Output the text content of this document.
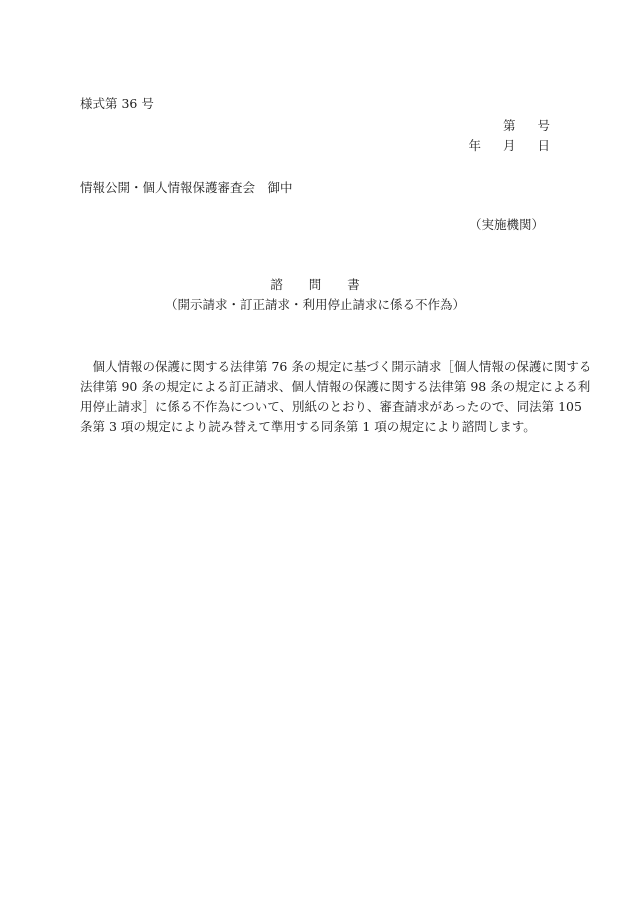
様式第 36 号
第 号
年 月 日
情報公開・個人情報保護審査会　御中
（実施機関）
諮 問 書
（開示請求・訂正請求・利用停止請求に係る不作為）
　個人情報の保護に関する法律第 76 条の規定に基づく開示請求［個人情報の保護に関する
法律第 90 条の規定による訂正請求、個人情報の保護に関する法律第 98 条の規定による利
用停止請求］に係る不作為について、別紙のとおり、審査請求があったので、同法第 105
条第 3 項の規定により読み替えて準用する同条第 1 項の規定により諮問します。
